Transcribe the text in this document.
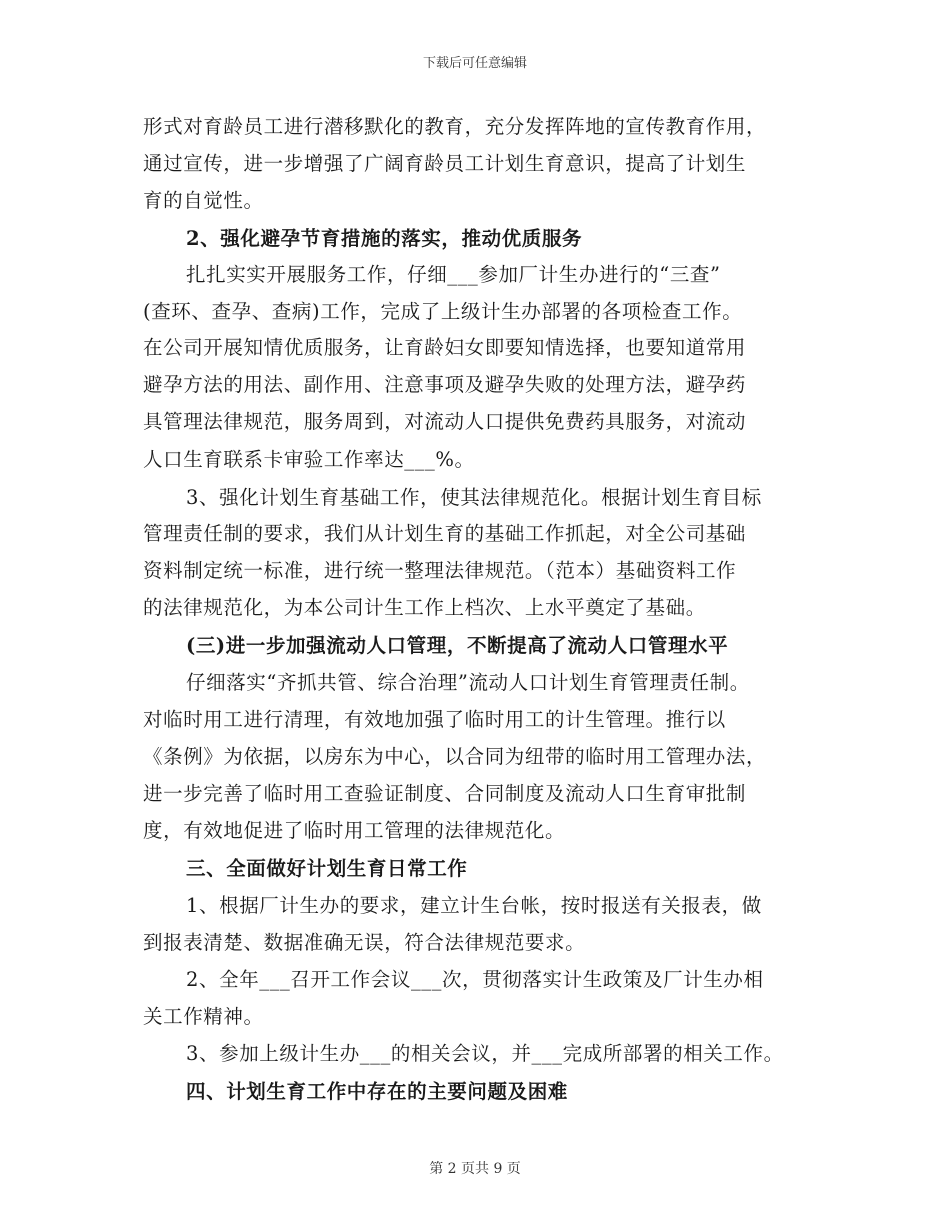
下载后可任意编辑
形式对育龄员工进行潜移默化的教育，充分发挥阵地的宣传教育作用，
通过宣传，进一步增强了广阔育龄员工计划生育意识，提高了计划生
育的自觉性。
2、强化避孕节育措施的落实，推动优质服务
扎扎实实开展服务工作，仔细___参加厂计生办进行的“三查”
(查环、查孕、查病)工作，完成了上级计生办部署的各项检查工作。
在公司开展知情优质服务，让育龄妇女即要知情选择，也要知道常用
避孕方法的用法、副作用、注意事项及避孕失败的处理方法，避孕药
具管理法律规范，服务周到，对流动人口提供免费药具服务，对流动
人口生育联系卡审验工作率达___%。
3、强化计划生育基础工作，使其法律规范化。根据计划生育目标
管理责任制的要求，我们从计划生育的基础工作抓起，对全公司基础
资料制定统一标准，进行统一整理法律规范。（范本）基础资料工作
的法律规范化，为本公司计生工作上档次、上水平奠定了基础。
(三)进一步加强流动人口管理，不断提高了流动人口管理水平
仔细落实“齐抓共管、综合治理”流动人口计划生育管理责任制。
对临时用工进行清理，有效地加强了临时用工的计生管理。推行以
《条例》为依据，以房东为中心，以合同为纽带的临时用工管理办法，
进一步完善了临时用工查验证制度、合同制度及流动人口生育审批制
度，有效地促进了临时用工管理的法律规范化。
三、全面做好计划生育日常工作
1、根据厂计生办的要求，建立计生台帐，按时报送有关报表，做
到报表清楚、数据准确无误，符合法律规范要求。
2、全年___召开工作会议___次，贯彻落实计生政策及厂计生办相
关工作精神。
3、参加上级计生办___的相关会议，并___完成所部署的相关工作。
四、计划生育工作中存在的主要问题及困难
第 2 页共 9 页
